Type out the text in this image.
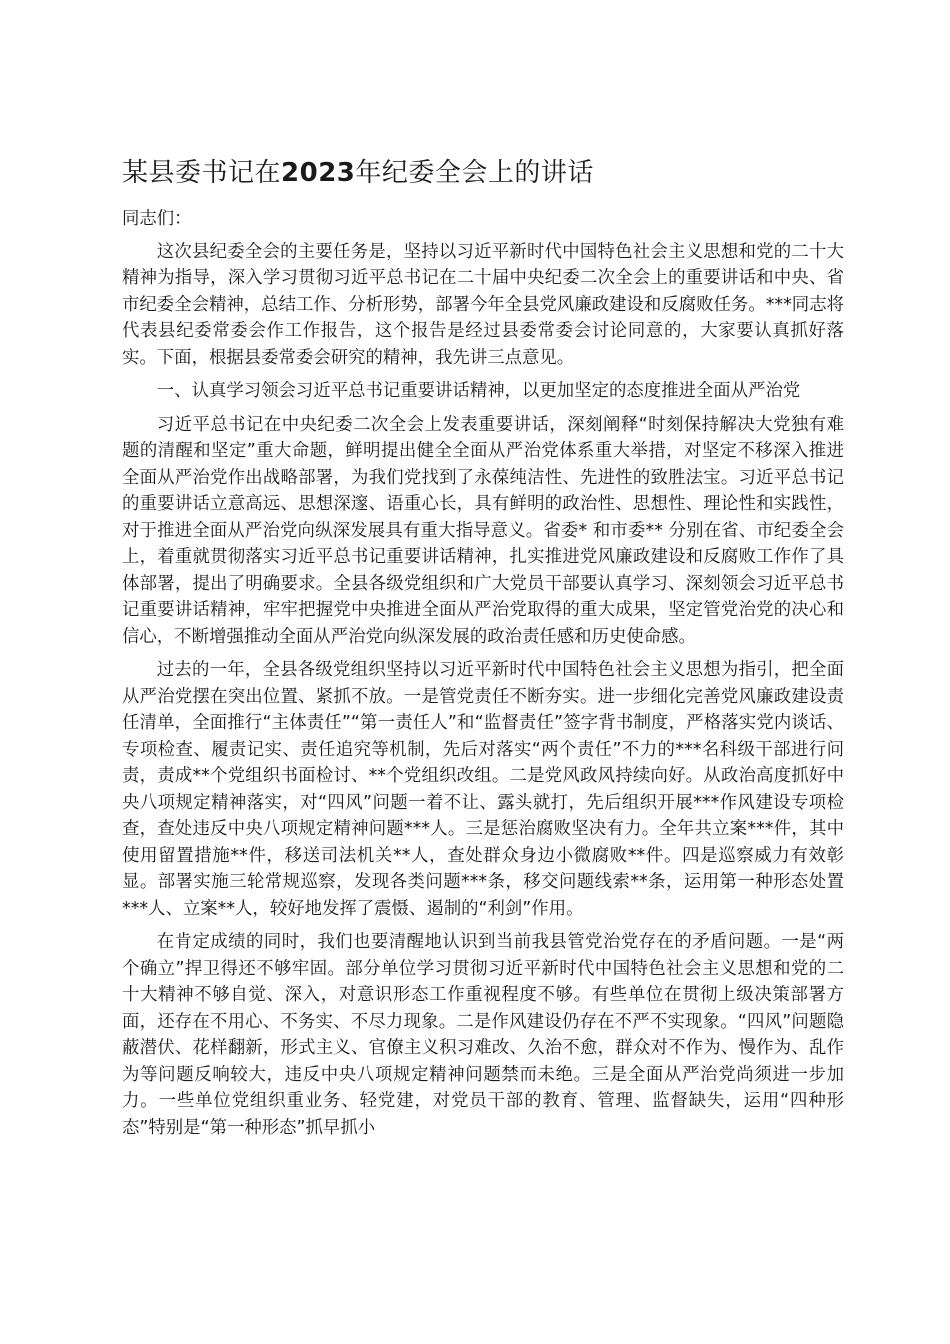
某县委书记在2023年纪委全会上的讲话

同志们：

这次县纪委全会的主要任务是，坚持以习近平新时代中国特色社会主义思想和党的二十大精神为指导，深入学习贯彻习近平总书记在二十届中央纪委二次全会上的重要讲话和中央、省市纪委全会精神，总结工作、分析形势，部署今年全县党风廉政建设和反腐败任务。***同志将代表县纪委常委会作工作报告，这个报告是经过县委常委会讨论同意的，大家要认真抓好落实。下面，根据县委常委会研究的精神，我先讲三点意见。

一、认真学习领会习近平总书记重要讲话精神，以更加坚定的态度推进全面从严治党

习近平总书记在中央纪委二次全会上发表重要讲话，深刻阐释“时刻保持解决大党独有难题的清醒和坚定”重大命题，鲜明提出健全全面从严治党体系重大举措，对坚定不移深入推进全面从严治党作出战略部署，为我们党找到了永葆纯洁性、先进性的致胜法宝。习近平总书记的重要讲话立意高远、思想深邃、语重心长，具有鲜明的政治性、思想性、理论性和实践性，对于推进全面从严治党向纵深发展具有重大指导意义。省委* 和市委** 分别在省、市纪委全会上，着重就贯彻落实习近平总书记重要讲话精神，扎实推进党风廉政建设和反腐败工作作了具体部署，提出了明确要求。全县各级党组织和广大党员干部要认真学习、深刻领会习近平总书记重要讲话精神，牢牢把握党中央推进全面从严治党取得的重大成果，坚定管党治党的决心和信心，不断增强推动全面从严治党向纵深发展的政治责任感和历史使命感。

过去的一年，全县各级党组织坚持以习近平新时代中国特色社会主义思想为指引，把全面从严治党摆在突出位置、紧抓不放。一是管党责任不断夯实。进一步细化完善党风廉政建设责任清单，全面推行“主体责任”“第一责任人”和“监督责任”签字背书制度，严格落实党内谈话、专项检查、履责记实、责任追究等机制，先后对落实“两个责任”不力的***名科级干部进行问责，责成**个党组织书面检讨、**个党组织改组。二是党风政风持续向好。从政治高度抓好中央八项规定精神落实，对“四风”问题一着不让、露头就打，先后组织开展***作风建设专项检查，查处违反中央八项规定精神问题***人。三是惩治腐败坚决有力。全年共立案***件，其中使用留置措施**件，移送司法机关**人，查处群众身边小微腐败**件。四是巡察威力有效彰显。部署实施三轮常规巡察，发现各类问题***条，移交问题线索**条，运用第一种形态处置***人、立案**人，较好地发挥了震慑、遏制的“利剑”作用。

在肯定成绩的同时，我们也要清醒地认识到当前我县管党治党存在的矛盾问题。一是“两个确立”捍卫得还不够牢固。部分单位学习贯彻习近平新时代中国特色社会主义思想和党的二十大精神不够自觉、深入，对意识形态工作重视程度不够。有些单位在贯彻上级决策部署方面，还存在不用心、不务实、不尽力现象。二是作风建设仍存在不严不实现象。“四风”问题隐蔽潜伏、花样翻新，形式主义、官僚主义积习难改、久治不愈，群众对不作为、慢作为、乱作为等问题反响较大，违反中央八项规定精神问题禁而未绝。三是全面从严治党尚须进一步加力。一些单位党组织重业务、轻党建，对党员干部的教育、管理、监督缺失，运用“四种形态”特别是“第一种形态”抓早抓小
